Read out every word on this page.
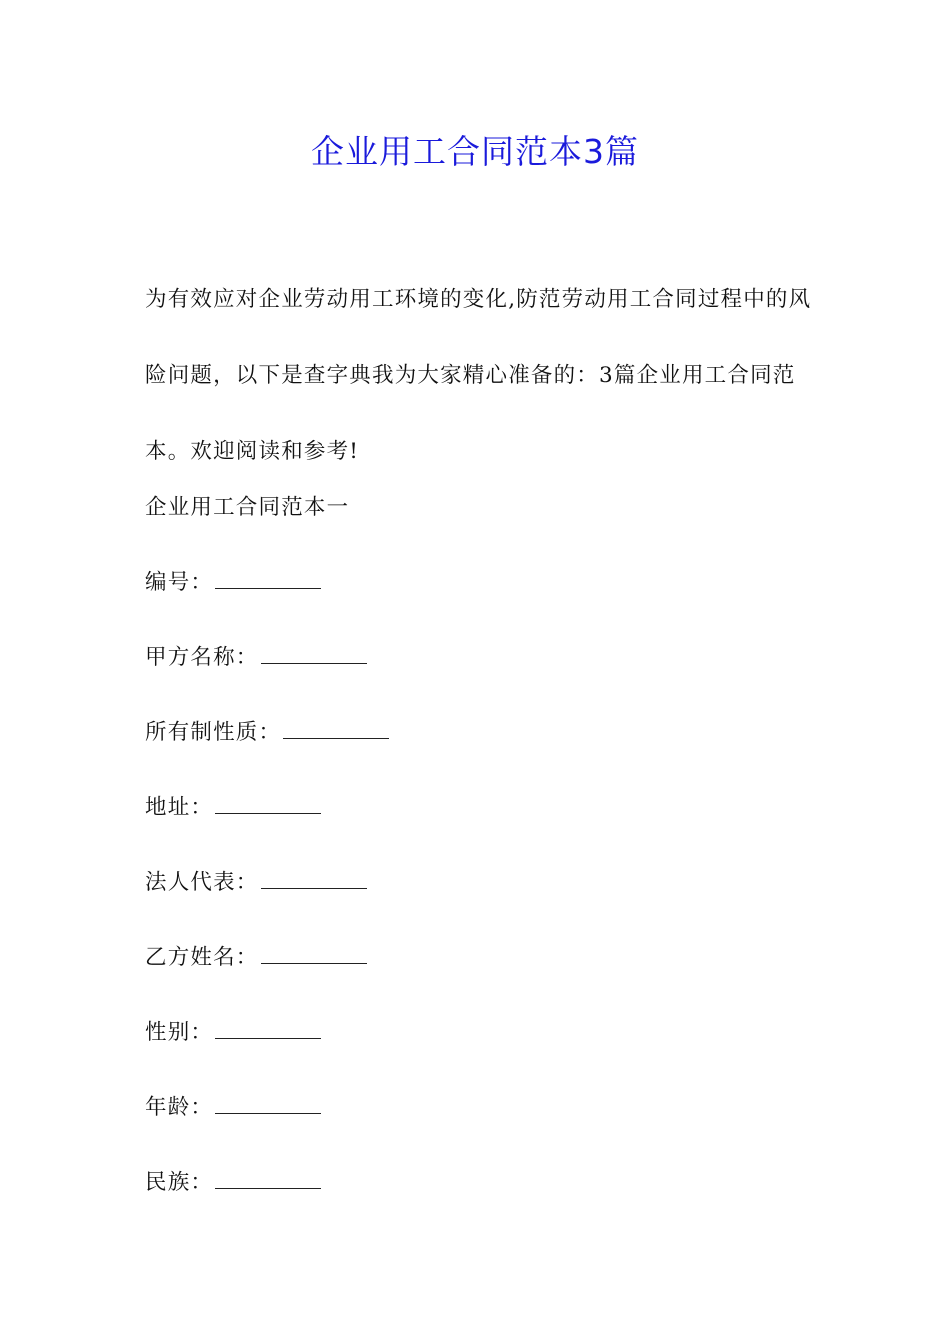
企业用工合同范本3篇

为有效应对企业劳动用工环境的变化,防范劳动用工合同过程中的风险问题，以下是查字典我为大家精心准备的：3篇企业用工合同范本。欢迎阅读和参考!

企业用工合同范本一
编号：
甲方名称：
所有制性质：
地址：
法人代表：
乙方姓名：
性别：
年龄：
民族：
